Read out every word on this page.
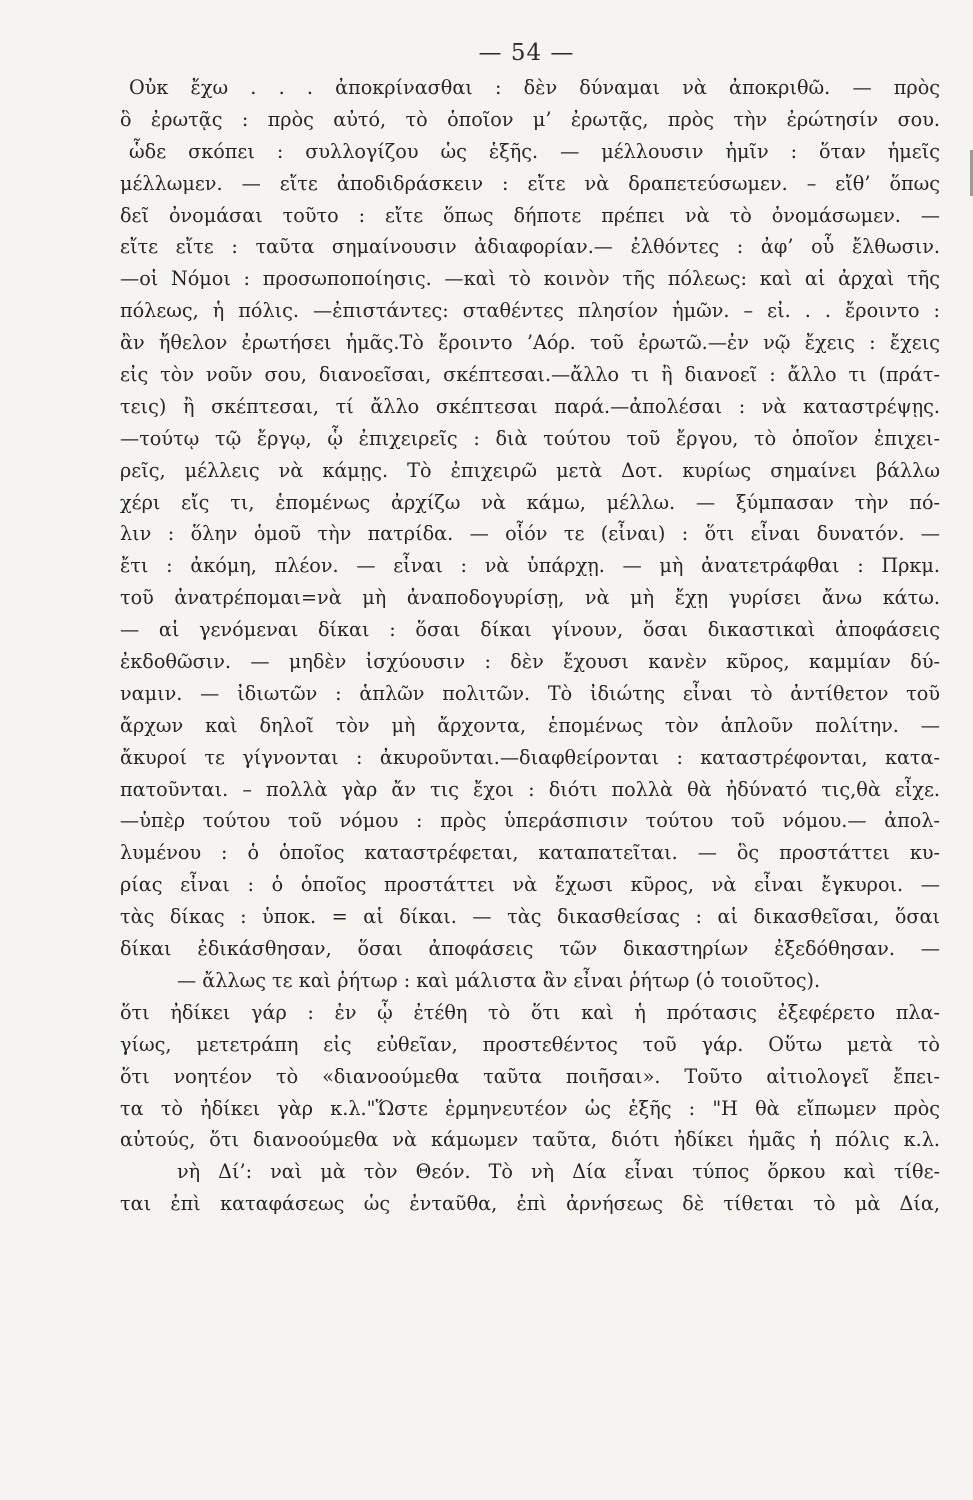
— 54 —
Οὐκ ἔχω . . . ἀποκρίνασθαι : δὲν δύναμαι νὰ ἀποκριθῶ. — πρὸς
ὃ ἐρωτᾷς : πρὸς αὐτό, τὸ ὁποῖον μ’ ἐρωτᾷς, πρὸς τὴν ἐρώτησίν σου.
ὧδε σκόπει : συλλογίζου ὡς ἑξῆς. — μέλλουσιν ἡμῖν : ὅταν ἡμεῖς
μέλλωμεν. — εἴτε ἀποδιδράσκειν : εἴτε νὰ δραπετεύσωμεν. – εἴθ’ ὅπως
δεῖ ὀνομάσαι τοῦτο : εἴτε ὅπως δήποτε πρέπει νὰ τὸ ὀνομάσωμεν. —
εἴτε εἴτε : ταῦτα σημαίνουσιν ἀδιαφορίαν.— ἐλθόντες : ἀφ’ οὗ ἔλθωσιν.
—οἱ Νόμοι : προσωποποίησις. —καὶ τὸ κοινὸν τῆς πόλεως: καὶ αἱ ἀρχαὶ τῆς
πόλεως, ἡ πόλις. —ἐπιστάντες: σταθέντες πλησίον ἡμῶν. – εἰ. . . ἔροιντο :
ἂν ἤθελον ἐρωτήσει ἡμᾶς.Τὸ ἔροιντο ’Αόρ. τοῦ ἐρωτῶ.—ἐν νῷ ἔχεις : ἔχεις
εἰς τὸν νοῦν σου, διανοεῖσαι, σκέπτεσαι.—ἄλλο τι ἢ διανοεῖ : ἄλλο τι (πράτ-
τεις) ἢ σκέπτεσαι, τί ἄλλο σκέπτεσαι παρά.—ἀπολέσαι : νὰ καταστρέψῃς.
—τούτῳ τῷ ἔργῳ, ᾧ ἐπιχειρεῖς : διὰ τούτου τοῦ ἔργου, τὸ ὁποῖον ἐπιχει-
ρεῖς, μέλλεις νὰ κάμῃς. Τὸ ἐπιχειρῶ μετὰ Δοτ. κυρίως σημαίνει βάλλω
χέρι εἴς τι, ἑπομένως ἀρχίζω νὰ κάμω, μέλλω. — ξύμπασαν τὴν πό-
λιν : ὅλην ὁμοῦ τὴν πατρίδα. — οἷόν τε (εἶναι) : ὅτι εἶναι δυνατόν. —
ἔτι : ἀκόμη, πλέον. — εἶναι : νὰ ὑπάρχῃ. — μὴ ἀνατετράφθαι : Πρκμ.
τοῦ ἀνατρέπομαι=νὰ μὴ ἀναποδογυρίσῃ, νὰ μὴ ἔχῃ γυρίσει ἄνω κάτω.
— αἱ γενόμεναι δίκαι : ὅσαι δίκαι γίνουν, ὅσαι δικαστικαὶ ἀποφάσεις
ἐκδοθῶσιν. — μηδὲν ἰσχύουσιν : δὲν ἔχουσι κανὲν κῦρος, καμμίαν δύ-
ναμιν. — ἰδιωτῶν : ἁπλῶν πολιτῶν. Τὸ ἰδιώτης εἶναι τὸ ἀντίθετον τοῦ
ἄρχων καὶ δηλοῖ τὸν μὴ ἄρχοντα, ἑπομένως τὸν ἁπλοῦν πολίτην. —
ἄκυροί τε γίγνονται : ἀκυροῦνται.—διαφθείρονται : καταστρέφονται, κατα-
πατοῦνται. – πολλὰ γὰρ ἄν τις ἔχοι : διότι πολλὰ θὰ ἠδύνατό τις,θὰ εἶχε.
—ὑπὲρ τούτου τοῦ νόμου : πρὸς ὑπεράσπισιν τούτου τοῦ νόμου.— ἀπολ-
λυμένου : ὁ ὁποῖος καταστρέφεται, καταπατεῖται. — ὃς προστάττει κυ-
ρίας εἶναι : ὁ ὁποῖος προστάττει νὰ ἔχωσι κῦρος, νὰ εἶναι ἔγκυροι. —
τὰς δίκας : ὑποκ. = αἱ δίκαι. — τὰς δικασθείσας : αἱ δικασθεῖσαι, ὅσαι
δίκαι ἐδικάσθησαν, ὅσαι ἀποφάσεις τῶν δικαστηρίων ἐξεδόθησαν. —
— ἄλλως τε καὶ ῥήτωρ : καὶ μάλιστα ἂν εἶναι ῥήτωρ (ὁ τοιοῦτος).
ὅτι ἠδίκει γάρ : ἐν ᾧ ἐτέθη τὸ ὅτι καὶ ἡ πρότασις ἐξεφέρετο πλα-
γίως, μετετράπη εἰς εὐθεῖαν, προστεθέντος τοῦ γάρ. Οὕτω μετὰ τὸ
ὅτι νοητέον τὸ «διανοούμεθα ταῦτα ποιῆσαι». Τοῦτο αἰτιολογεῖ ἔπει-
τα τὸ ἠδίκει γὰρ κ.λ."Ὥστε ἑρμηνευτέον ὡς ἑξῆς : "Η θὰ εἴπωμεν πρὸς
αὐτούς, ὅτι διανοούμεθα νὰ κάμωμεν ταῦτα, διότι ἠδίκει ἡμᾶς ἡ πόλις κ.λ.
νὴ Δί’: ναὶ μὰ τὸν Θεόν. Τὸ νὴ Δία εἶναι τύπος ὅρκου καὶ τίθε-
ται ἐπὶ καταφάσεως ὡς ἐνταῦθα, ἐπὶ ἀρνήσεως δὲ τίθεται τὸ μὰ Δία,
